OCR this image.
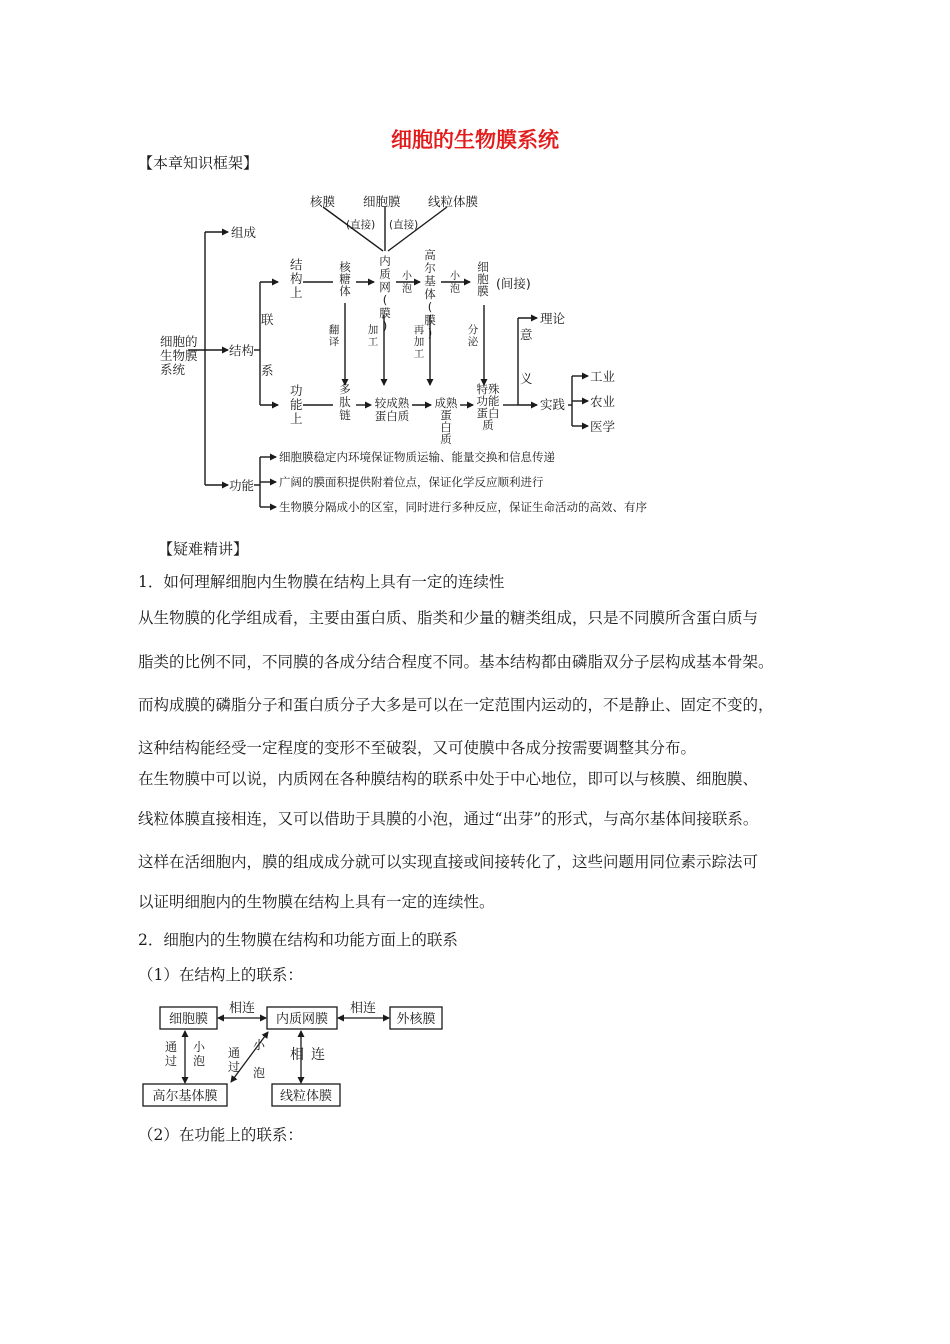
细胞的生物膜系统
【本章知识框架】
细胞的生物膜系统
组成
结构
功能
核膜 细胞膜 线粒体膜
(直接) (直接)
结构上
功能上
联
系
核糖体
内质网(膜)
高尔基体(膜)
细胞膜
小泡
小泡	(间接)
翻译
加工
再加工
分泌
多肽链
较成熟蛋白质
成熟蛋白质
特殊功能蛋白质
意
义
理论
实践
工业
农业
医学
细胞膜稳定内环境保证物质运输、能量交换和信息传递
广阔的膜面积提供附着位点，保证化学反应顺利进行
生物膜分隔成小的区室，同时进行多种反应，保证生命活动的高效、有序
【疑难精讲】
1．如何理解细胞内生物膜在结构上具有一定的连续性
从生物膜的化学组成看，主要由蛋白质、脂类和少量的糖类组成，只是不同膜所含蛋白质与
脂类的比例不同，不同膜的各成分结合程度不同。基本结构都由磷脂双分子层构成基本骨架。
而构成膜的磷脂分子和蛋白质分子大多是可以在一定范围内运动的，不是静止、固定不变的，
这种结构能经受一定程度的变形不至破裂，又可使膜中各成分按需要调整其分布。
在生物膜中可以说，内质网在各种膜结构的联系中处于中心地位，即可以与核膜、细胞膜、
线粒体膜直接相连，又可以借助于具膜的小泡，通过“出芽”的形式，与高尔基体间接联系。
这样在活细胞内，膜的组成成分就可以实现直接或间接转化了，这些问题用同位素示踪法可
以证明细胞内的生物膜在结构上具有一定的连续性。
2．细胞内的生物膜在结构和功能方面上的联系
（1）在结构上的联系：
细胞膜	内质网膜	外核膜
高尔基体膜	线粒体膜
相连	相连
相 连
通过
小泡
通过
小泡
（2）在功能上的联系：
